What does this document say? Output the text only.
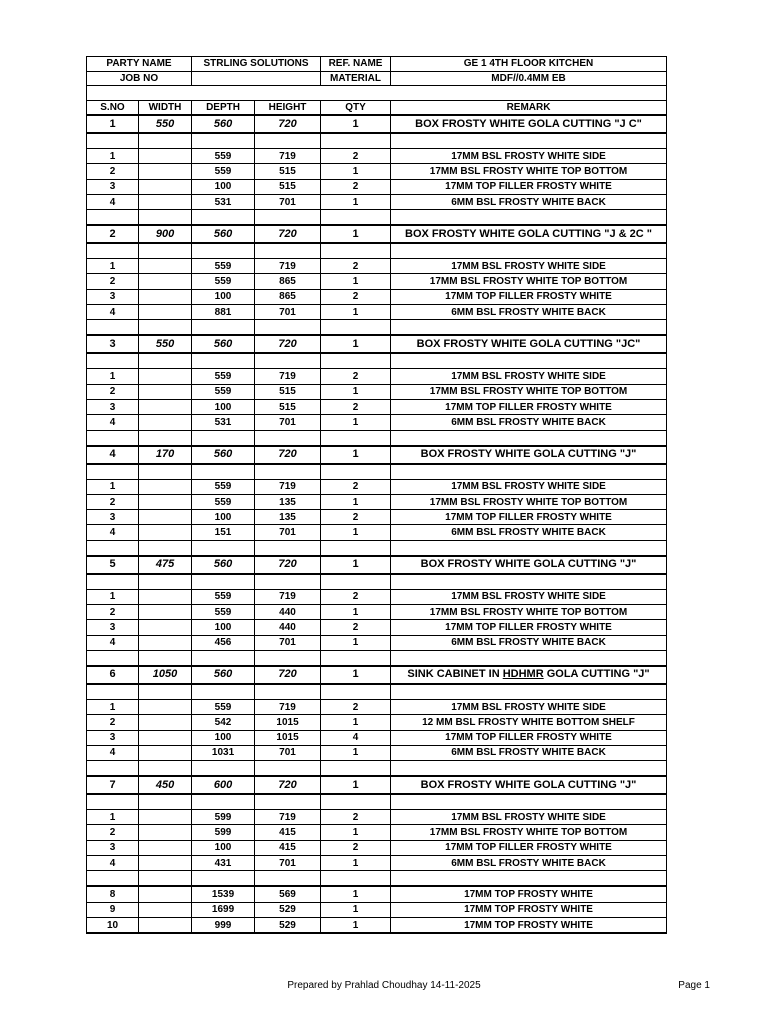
PARTY NAME		STRLING SOLUTIONS		REF. NAME	GE 1 4TH FLOOR KITCHEN
JOB NO				MATERIAL	MDF//0.4MM EB

S.NO	WIDTH	DEPTH	HEIGHT	QTY	REMARK
1	550	560	720	1	BOX FROSTY WHITE GOLA CUTTING "J C"

1		559	719	2	17MM BSL FROSTY WHITE SIDE
2		559	515	1	17MM BSL FROSTY WHITE TOP BOTTOM
3		100	515	2	17MM TOP FILLER FROSTY WHITE
4		531	701	1	6MM BSL FROSTY WHITE BACK

2	900	560	720	1	BOX FROSTY WHITE GOLA CUTTING "J & 2C "

1		559	719	2	17MM BSL FROSTY WHITE SIDE
2		559	865	1	17MM BSL FROSTY WHITE TOP BOTTOM
3		100	865	2	17MM TOP FILLER FROSTY WHITE
4		881	701	1	6MM BSL FROSTY WHITE BACK

3	550	560	720	1	BOX FROSTY WHITE GOLA CUTTING "JC"

1		559	719	2	17MM BSL FROSTY WHITE SIDE
2		559	515	1	17MM BSL FROSTY WHITE TOP BOTTOM
3		100	515	2	17MM TOP FILLER FROSTY WHITE
4		531	701	1	6MM BSL FROSTY WHITE BACK

4	170	560	720	1	BOX FROSTY WHITE GOLA CUTTING "J"

1		559	719	2	17MM BSL FROSTY WHITE SIDE
2		559	135	1	17MM BSL FROSTY WHITE TOP BOTTOM
3		100	135	2	17MM TOP FILLER FROSTY WHITE
4		151	701	1	6MM BSL FROSTY WHITE BACK

5	475	560	720	1	BOX FROSTY WHITE GOLA CUTTING "J"

1		559	719	2	17MM BSL FROSTY WHITE SIDE
2		559	440	1	17MM BSL FROSTY WHITE TOP BOTTOM
3		100	440	2	17MM TOP FILLER FROSTY WHITE
4		456	701	1	6MM BSL FROSTY WHITE BACK

6	1050	560	720	1	SINK CABINET IN HDHMR GOLA CUTTING "J"

1		559	719	2	17MM BSL FROSTY WHITE SIDE
2		542	1015	1	12 MM BSL FROSTY WHITE BOTTOM SHELF
3		100	1015	4	17MM TOP FILLER FROSTY WHITE
4		1031	701	1	6MM BSL FROSTY WHITE BACK

7	450	600	720	1	BOX FROSTY WHITE GOLA CUTTING "J"

1		599	719	2	17MM BSL FROSTY WHITE SIDE
2		599	415	1	17MM BSL FROSTY WHITE TOP BOTTOM
3		100	415	2	17MM TOP FILLER FROSTY WHITE
4		431	701	1	6MM BSL FROSTY WHITE BACK

8		1539	569	1	17MM TOP FROSTY WHITE
9		1699	529	1	17MM TOP FROSTY WHITE
10		999	529	1	17MM TOP FROSTY WHITE
Prepared by Prahlad Choudhay 14-11-2025	Page 1
